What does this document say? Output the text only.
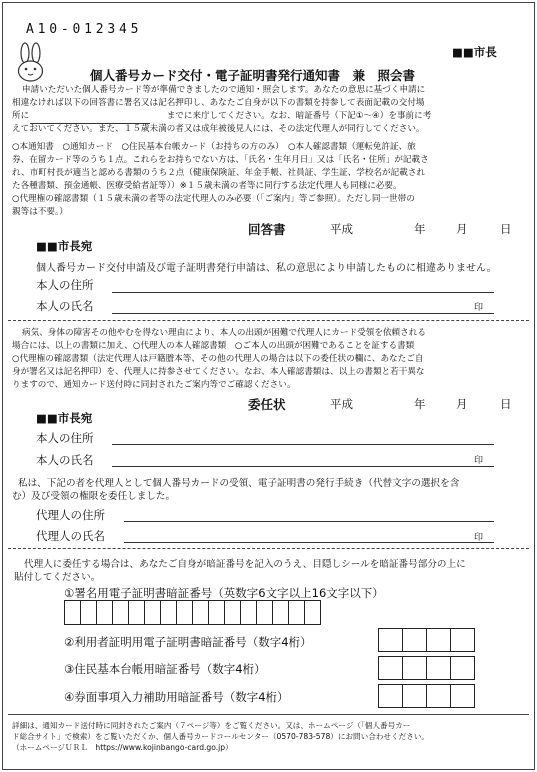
A10-012345
■■市長
個人番号カード交付・電子証明書発行通知書　兼　照会書
申請いただいた個人番号カード等が準備できましたので通知・照会します。あなたの意思に基づく申請に
相違なければ以下の回答書に署名又は記名押印し、あなたご自身が以下の書類を持参して表面記載の交付場
所に　　　　　　　　　　　　　　　　までに来庁してください。なお、暗証番号（下記①〜④）を事前に考
えておいてください。また、１５歳未満の者又は成年被後見人には、その法定代理人が同行してください。
○本通知書　○通知カード　○住民基本台帳カード（お持ちの方のみ）　○本人確認書類（運転免許証、旅
券、在留カード等のうち１点。これらをお持ちでない方は、「氏名・生年月日」又は「氏名・住所」が記載さ
れ、市町村長が適当と認める書類のうち２点（健康保険証、年金手帳、社員証、学生証、学校名が記載され
た各種書類、預金通帳、医療受給者証等））※１５歳未満の者等に同行する法定代理人も同様に必要。
○代理権の確認書類（１５歳未満の者等の法定代理人のみ必要（「ご案内」等ご参照）。ただし同一世帯の
親等は不要。）
回答書	平成	年	月	日
■■市長宛
個人番号カード交付申請及び電子証明書発行申請は、私の意思により申請したものに相違ありません。
本人の住所
本人の氏名	印
病気、身体の障害その他やむを得ない理由により、本人の出頭が困難で代理人にカード受領を依頼される
場合には、以上の書類に加え、○代理人の本人確認書類　○ご本人の出頭が困難であることを証する書類
○代理権の確認書類（法定代理人は戸籍謄本等、その他の代理人の場合は以下の委任状の欄に、あなたご自
身が署名又は記名押印）を、代理人に持参させてください。なお、本人確認書類は、以上の書類と若干異な
りますので、通知カード送付時に同封されたご案内等でご確認ください。
委任状	平成	年	月	日
■■市長宛
本人の住所
本人の氏名	印
私は、下記の者を代理人として個人番号カードの受領、電子証明書の発行手続き（代替文字の選択を含
む）及び受領の権限を委任しました。
代理人の住所
代理人の氏名	印
代理人に委任する場合は、あなたご自身が暗証番号を記入のうえ、目隠しシールを暗証番号部分の上に
貼付してください。
①署名用電子証明書暗証番号（英数字6文字以上16文字以下）
②利用者証明用電子証明書暗証番号（数字4桁）
③住民基本台帳用暗証番号（数字4桁）
④券面事項入力補助用暗証番号（数字4桁）
詳細は、通知カード送付時に同封されたご案内（７ページ等）をご覧ください。又は、ホームページ（「個人番号カー
ド総合サイト」で検索）をご覧いただくか、個人番号カードコールセンター（0570-783-578）にお問い合わせください。
（ホームページＵＲＬ　https://www.kojinbango-card.go.jp）
